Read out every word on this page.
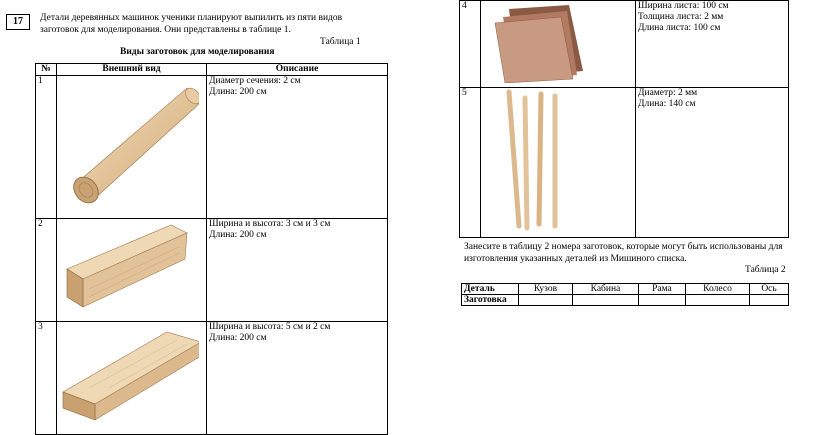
17	Детали деревянных машинок ученики планируют выпилить из пяти видов заготовок для моделирования. Они представлены в таблице 1.
Таблица 1
Виды заготовок для моделирования
№	Внешний вид	Описание
1		Диаметр сечения: 2 см
Длина: 200 см
2		Ширина и высота: 3 см и 3 см
Длина: 200 см
3		Ширина и высота: 5 см и 2 см
Длина: 200 см
4		Ширина листа: 100 см
Толщина листа: 2 мм
Длина листа: 100 см
5		Диаметр: 2 мм
Длина: 140 см
Занесите в таблицу 2 номера заготовок, которые могут быть использованы для изготовления указанных деталей из Мишиного списка.
Таблица 2
Деталь	Кузов	Кабина	Рама	Колесо	Ось
Заготовка					
